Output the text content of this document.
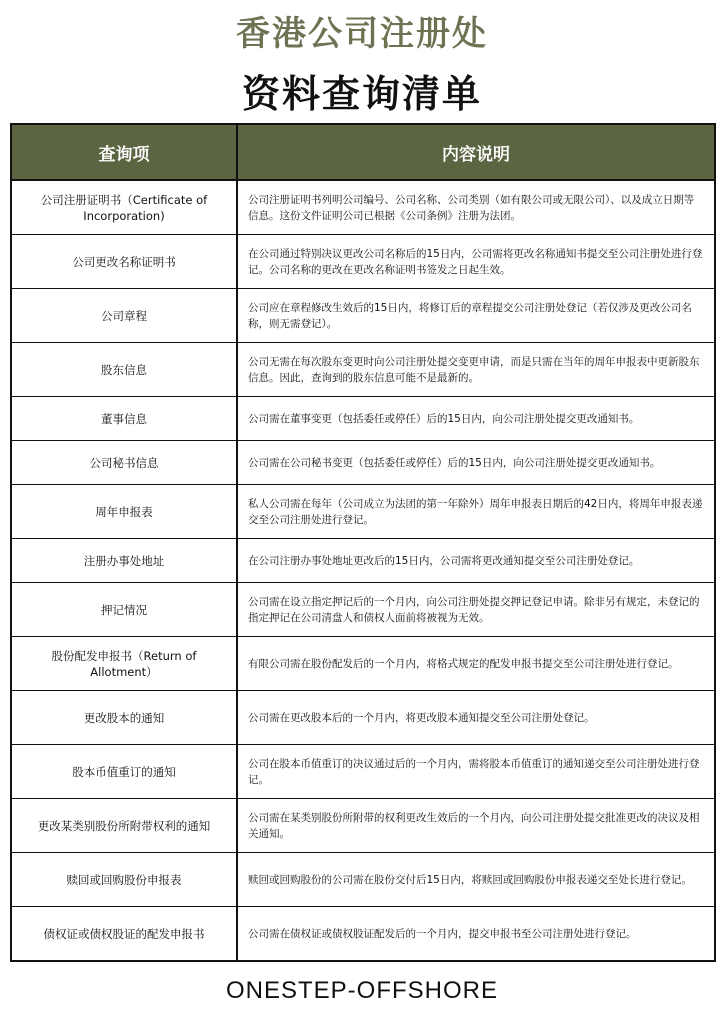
香港公司注册处
资料查询清单
查询项	内容说明
公司注册证明书（Certificate of Incorporation)	公司注册证明书列明公司编号、公司名称、公司类别（如有限公司或无限公司）、以及成立日期等信息。这份文件证明公司已根据《公司条例》注册为法团。
公司更改名称证明书	在公司通过特别决议更改公司名称后的15日内，公司需将更改名称通知书提交至公司注册处进行登记。公司名称的更改在更改名称证明书签发之日起生效。
公司章程	公司应在章程修改生效后的15日内，将修订后的章程提交公司注册处登记（若仅涉及更改公司名称，则无需登记）。
股东信息	公司无需在每次股东变更时向公司注册处提交变更申请，而是只需在当年的周年申报表中更新股东信息。因此，查询到的股东信息可能不是最新的。
董事信息	公司需在董事变更（包括委任或停任）后的15日内，向公司注册处提交更改通知书。
公司秘书信息	公司需在公司秘书变更（包括委任或停任）后的15日内，向公司注册处提交更改通知书。
周年申报表	私人公司需在每年（公司成立为法团的第一年除外）周年申报表日期后的42日内，将周年申报表递交至公司注册处进行登记。
注册办事处地址	在公司注册办事处地址更改后的15日内，公司需将更改通知提交至公司注册处登记。
押记情况	公司需在设立指定押记后的一个月内，向公司注册处提交押记登记申请。除非另有规定，未登记的指定押记在公司清盘人和债权人面前将被视为无效。
股份配发申报书（Return of Allotment）	有限公司需在股份配发后的一个月内，将格式规定的配发申报书提交至公司注册处进行登记。
更改股本的通知	公司需在更改股本后的一个月内，将更改股本通知提交至公司注册处登记。
股本币值重订的通知	公司在股本币值重订的决议通过后的一个月内，需将股本币值重订的通知递交至公司注册处进行登记。
更改某类别股份所附带权利的通知	公司需在某类别股份所附带的权利更改生效后的一个月内，向公司注册处提交批准更改的决议及相关通知。
赎回或回购股份申报表	赎回或回购股份的公司需在股份交付后15日内，将赎回或回购股份申报表递交至处长进行登记。
债权证或债权股证的配发申报书	公司需在债权证或债权股证配发后的一个月内，提交申报书至公司注册处进行登记。
ONESTEP-OFFSHORE
